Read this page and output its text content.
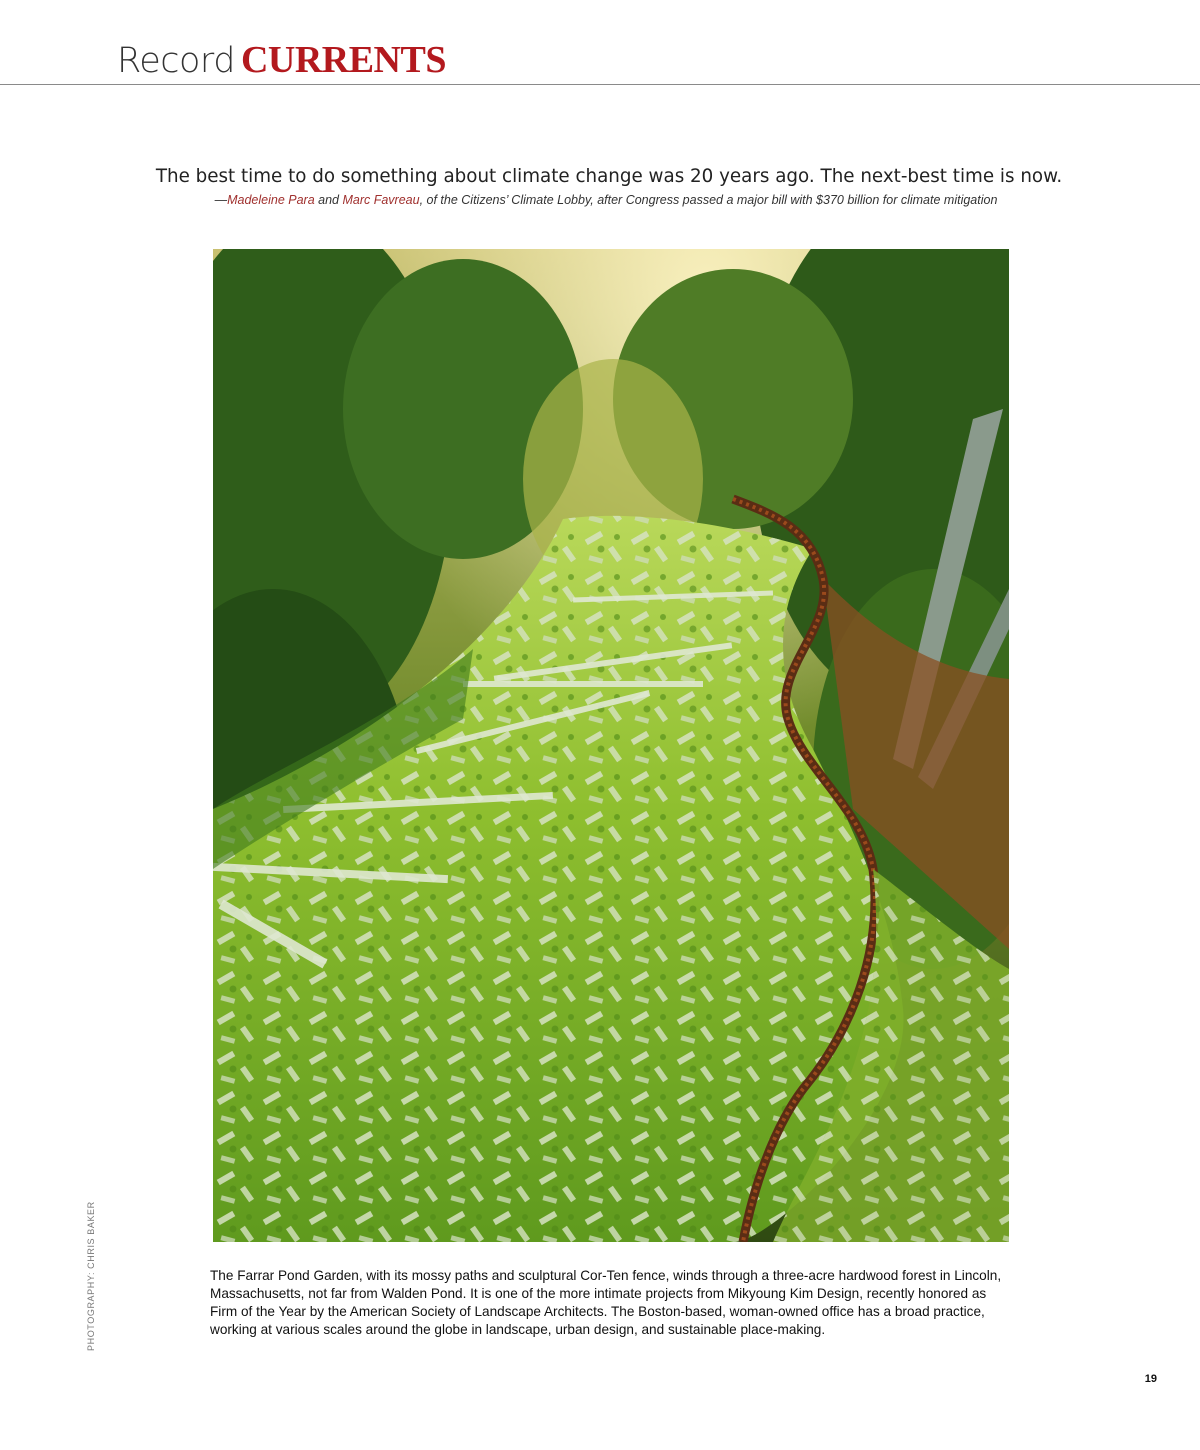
Record CURRENTS
The best time to do something about climate change was 20 years ago. The next-best time is now.
—Madeleine Para and Marc Favreau, of the Citizens’ Climate Lobby, after Congress passed a major bill with $370 billion for climate mitigation
PHOTOGRAPHY: CHRIS BAKER	The Farrar Pond Garden, with its mossy paths and sculptural Cor-Ten fence, winds through a three-acre hardwood forest in Lincoln, Massachusetts, not far from Walden Pond. It is one of the more intimate projects from Mikyoung Kim Design, recently honored as Firm of the Year by the American Society of Landscape Architects. The Boston-based, woman-owned office has a broad practice, working at various scales around the globe in landscape, urban design, and sustainable place-making.
19
